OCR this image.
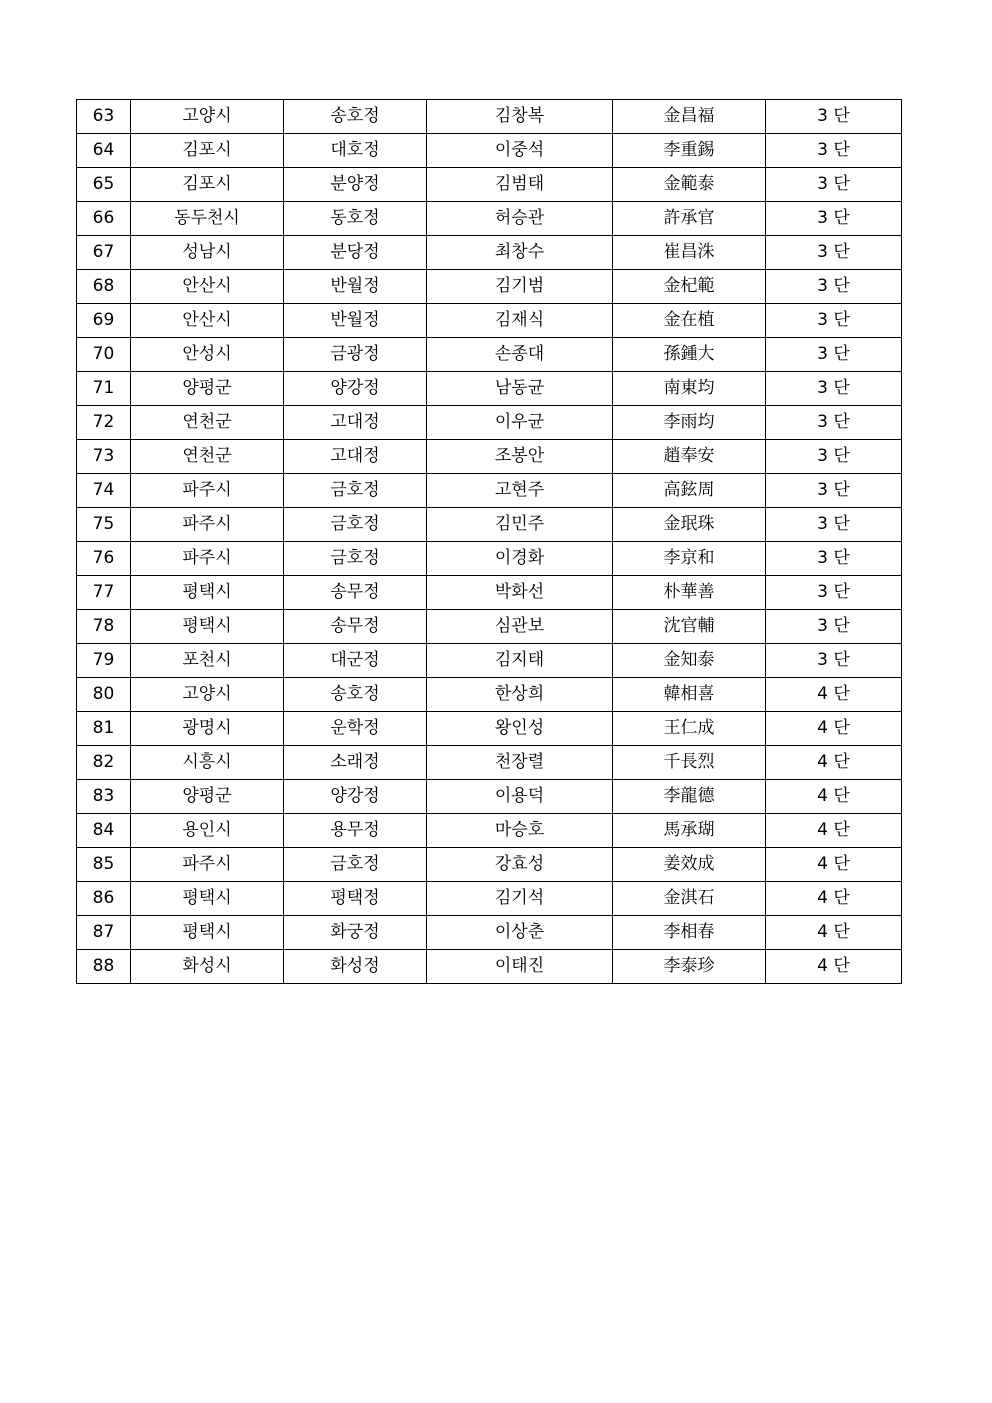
63	고양시	송호정	김창복	金昌福	3 단
64	김포시	대호정	이중석	李重錫	3 단
65	김포시	분양정	김범태	金範泰	3 단
66	동두천시	동호정	허승관	許承官	3 단
67	성남시	분당정	최창수	崔昌洙	3 단
68	안산시	반월정	김기범	金杞範	3 단
69	안산시	반월정	김재식	金在植	3 단
70	안성시	금광정	손종대	孫鍾大	3 단
71	양평군	양강정	남동균	南東均	3 단
72	연천군	고대정	이우균	李雨均	3 단
73	연천군	고대정	조봉안	趙奉安	3 단
74	파주시	금호정	고현주	高鉉周	3 단
75	파주시	금호정	김민주	金珉珠	3 단
76	파주시	금호정	이경화	李京和	3 단
77	평택시	송무정	박화선	朴華善	3 단
78	평택시	송무정	심관보	沈官輔	3 단
79	포천시	대군정	김지태	金知泰	3 단
80	고양시	송호정	한상희	韓相喜	4 단
81	광명시	운학정	왕인성	王仁成	4 단
82	시흥시	소래정	천장렬	千長烈	4 단
83	양평군	양강정	이용덕	李龍德	4 단
84	용인시	용무정	마승호	馬承瑚	4 단
85	파주시	금호정	강효성	姜效成	4 단
86	평택시	평택정	김기석	金淇石	4 단
87	평택시	화궁정	이상춘	李相春	4 단
88	화성시	화성정	이태진	李泰珍	4 단
